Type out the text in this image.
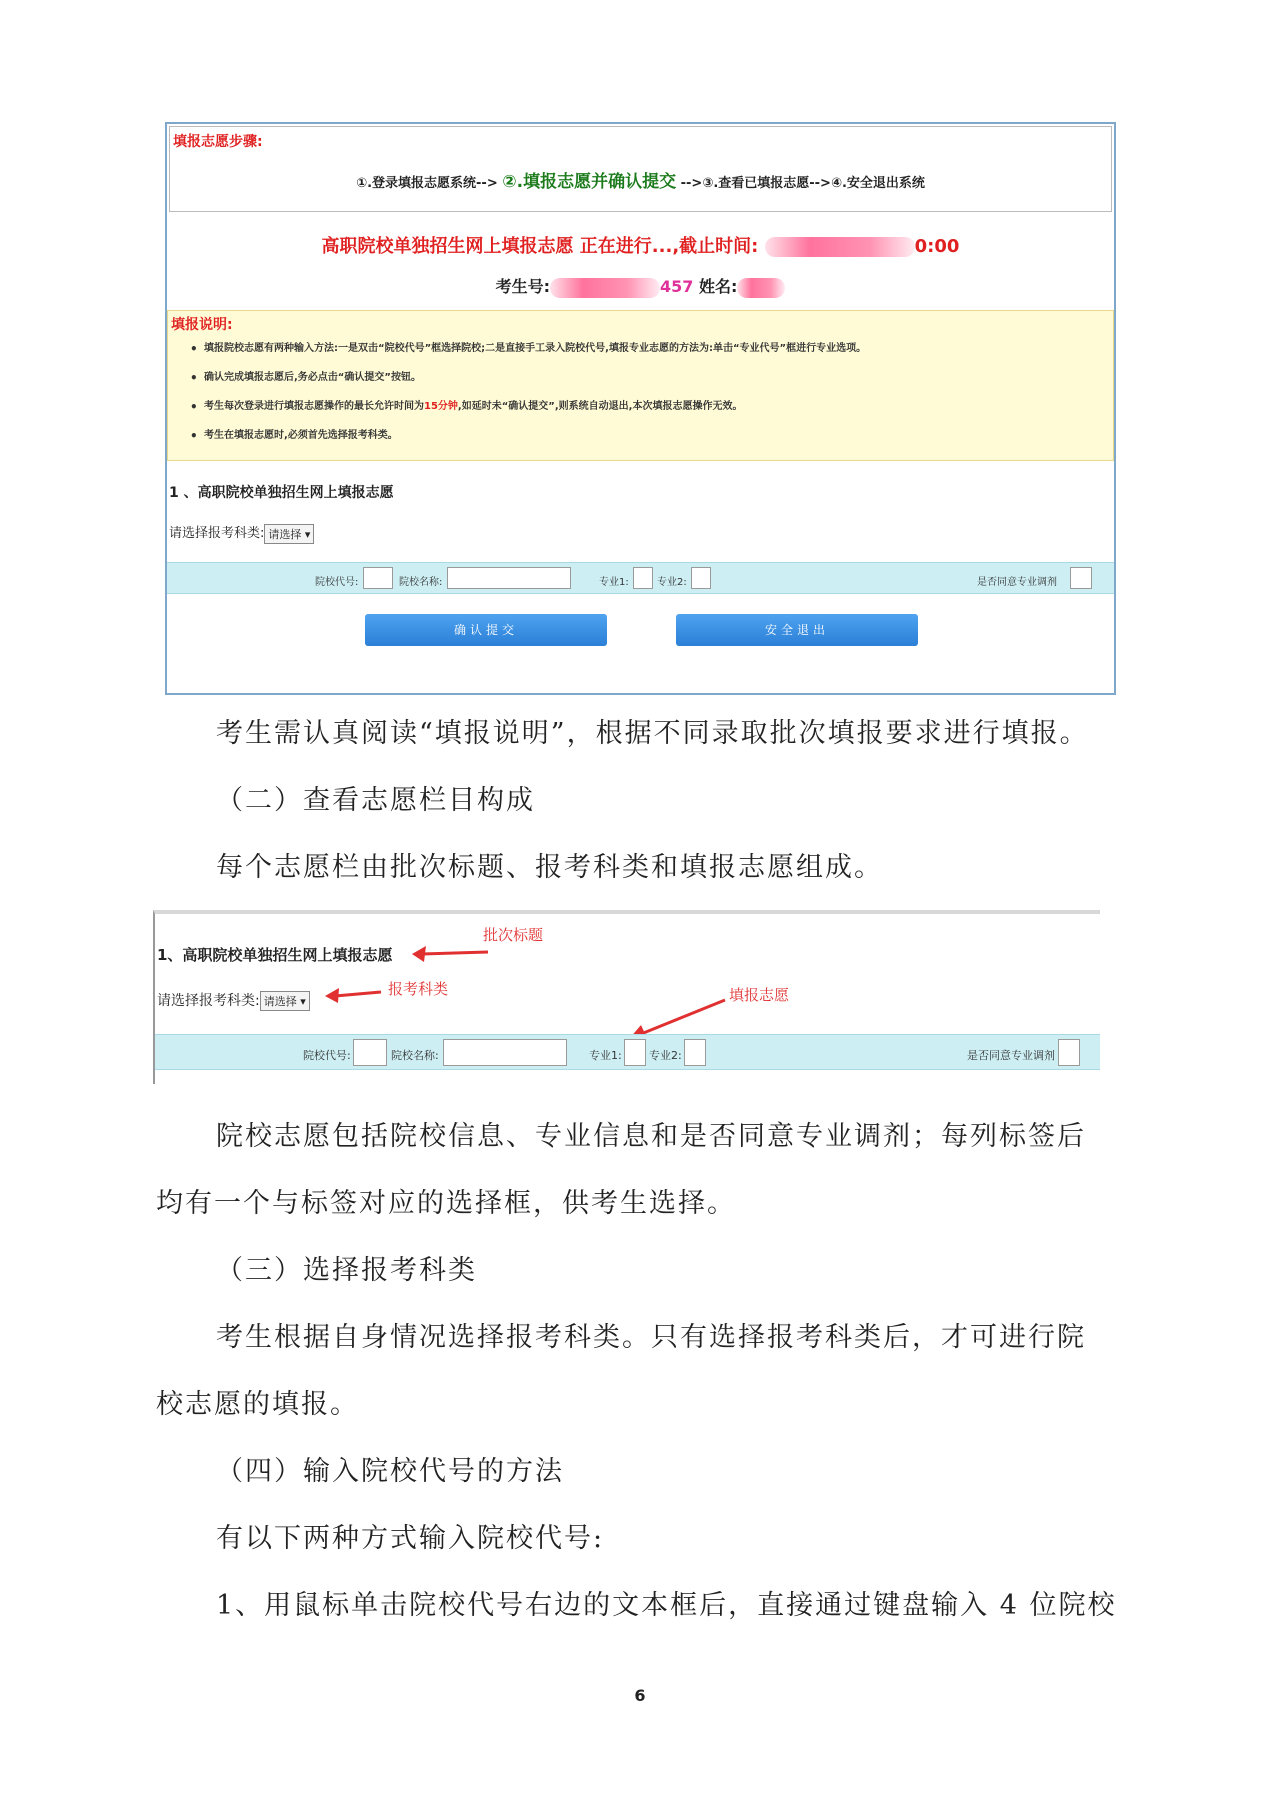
填报志愿步骤:
①.登录填报志愿系统--> ②.填报志愿并确认提交 -->③.查看已填报志愿-->④.安全退出系统
高职院校单独招生网上填报志愿 正在进行...,截止时间:	0:00
考生号:	457 姓名:
填报说明:
• 填报院校志愿有两种输入方法:一是双击“院校代号”框选择院校;二是直接手工录入院校代号,填报专业志愿的方法为:单击“专业代号”框进行专业选项。
• 确认完成填报志愿后,务必点击“确认提交”按钮。
• 考生每次登录进行填报志愿操作的最长允许时间为15分钟,如延时未“确认提交”,则系统自动退出,本次填报志愿操作无效。
• 考生在填报志愿时,必须首先选择报考科类。
1 、高职院校单独招生网上填报志愿
请选择报考科类: 请选择 ▾
院校代号:	院校名称:	专业1:	专业2:	是否同意专业调剂
确认提交	安全退出
考生需认真阅读“填报说明”，根据不同录取批次填报要求进行填报。
（二）查看志愿栏目构成
每个志愿栏由批次标题、报考科类和填报志愿组成。
1、高职院校单独招生网上填报志愿
请选择报考科类: 请选择 ▾
批次标题
报考科类	填报志愿
院校代号:	院校名称:	专业1: 专业2:	是否同意专业调剂
院校志愿包括院校信息、专业信息和是否同意专业调剂；每列标签后
均有一个与标签对应的选择框，供考生选择。
（三）选择报考科类
考生根据自身情况选择报考科类。只有选择报考科类后，才可进行院
校志愿的填报。
（四）输入院校代号的方法
有以下两种方式输入院校代号:
1、用鼠标单击院校代号右边的文本框后，直接通过键盘输入 4 位院校
6
